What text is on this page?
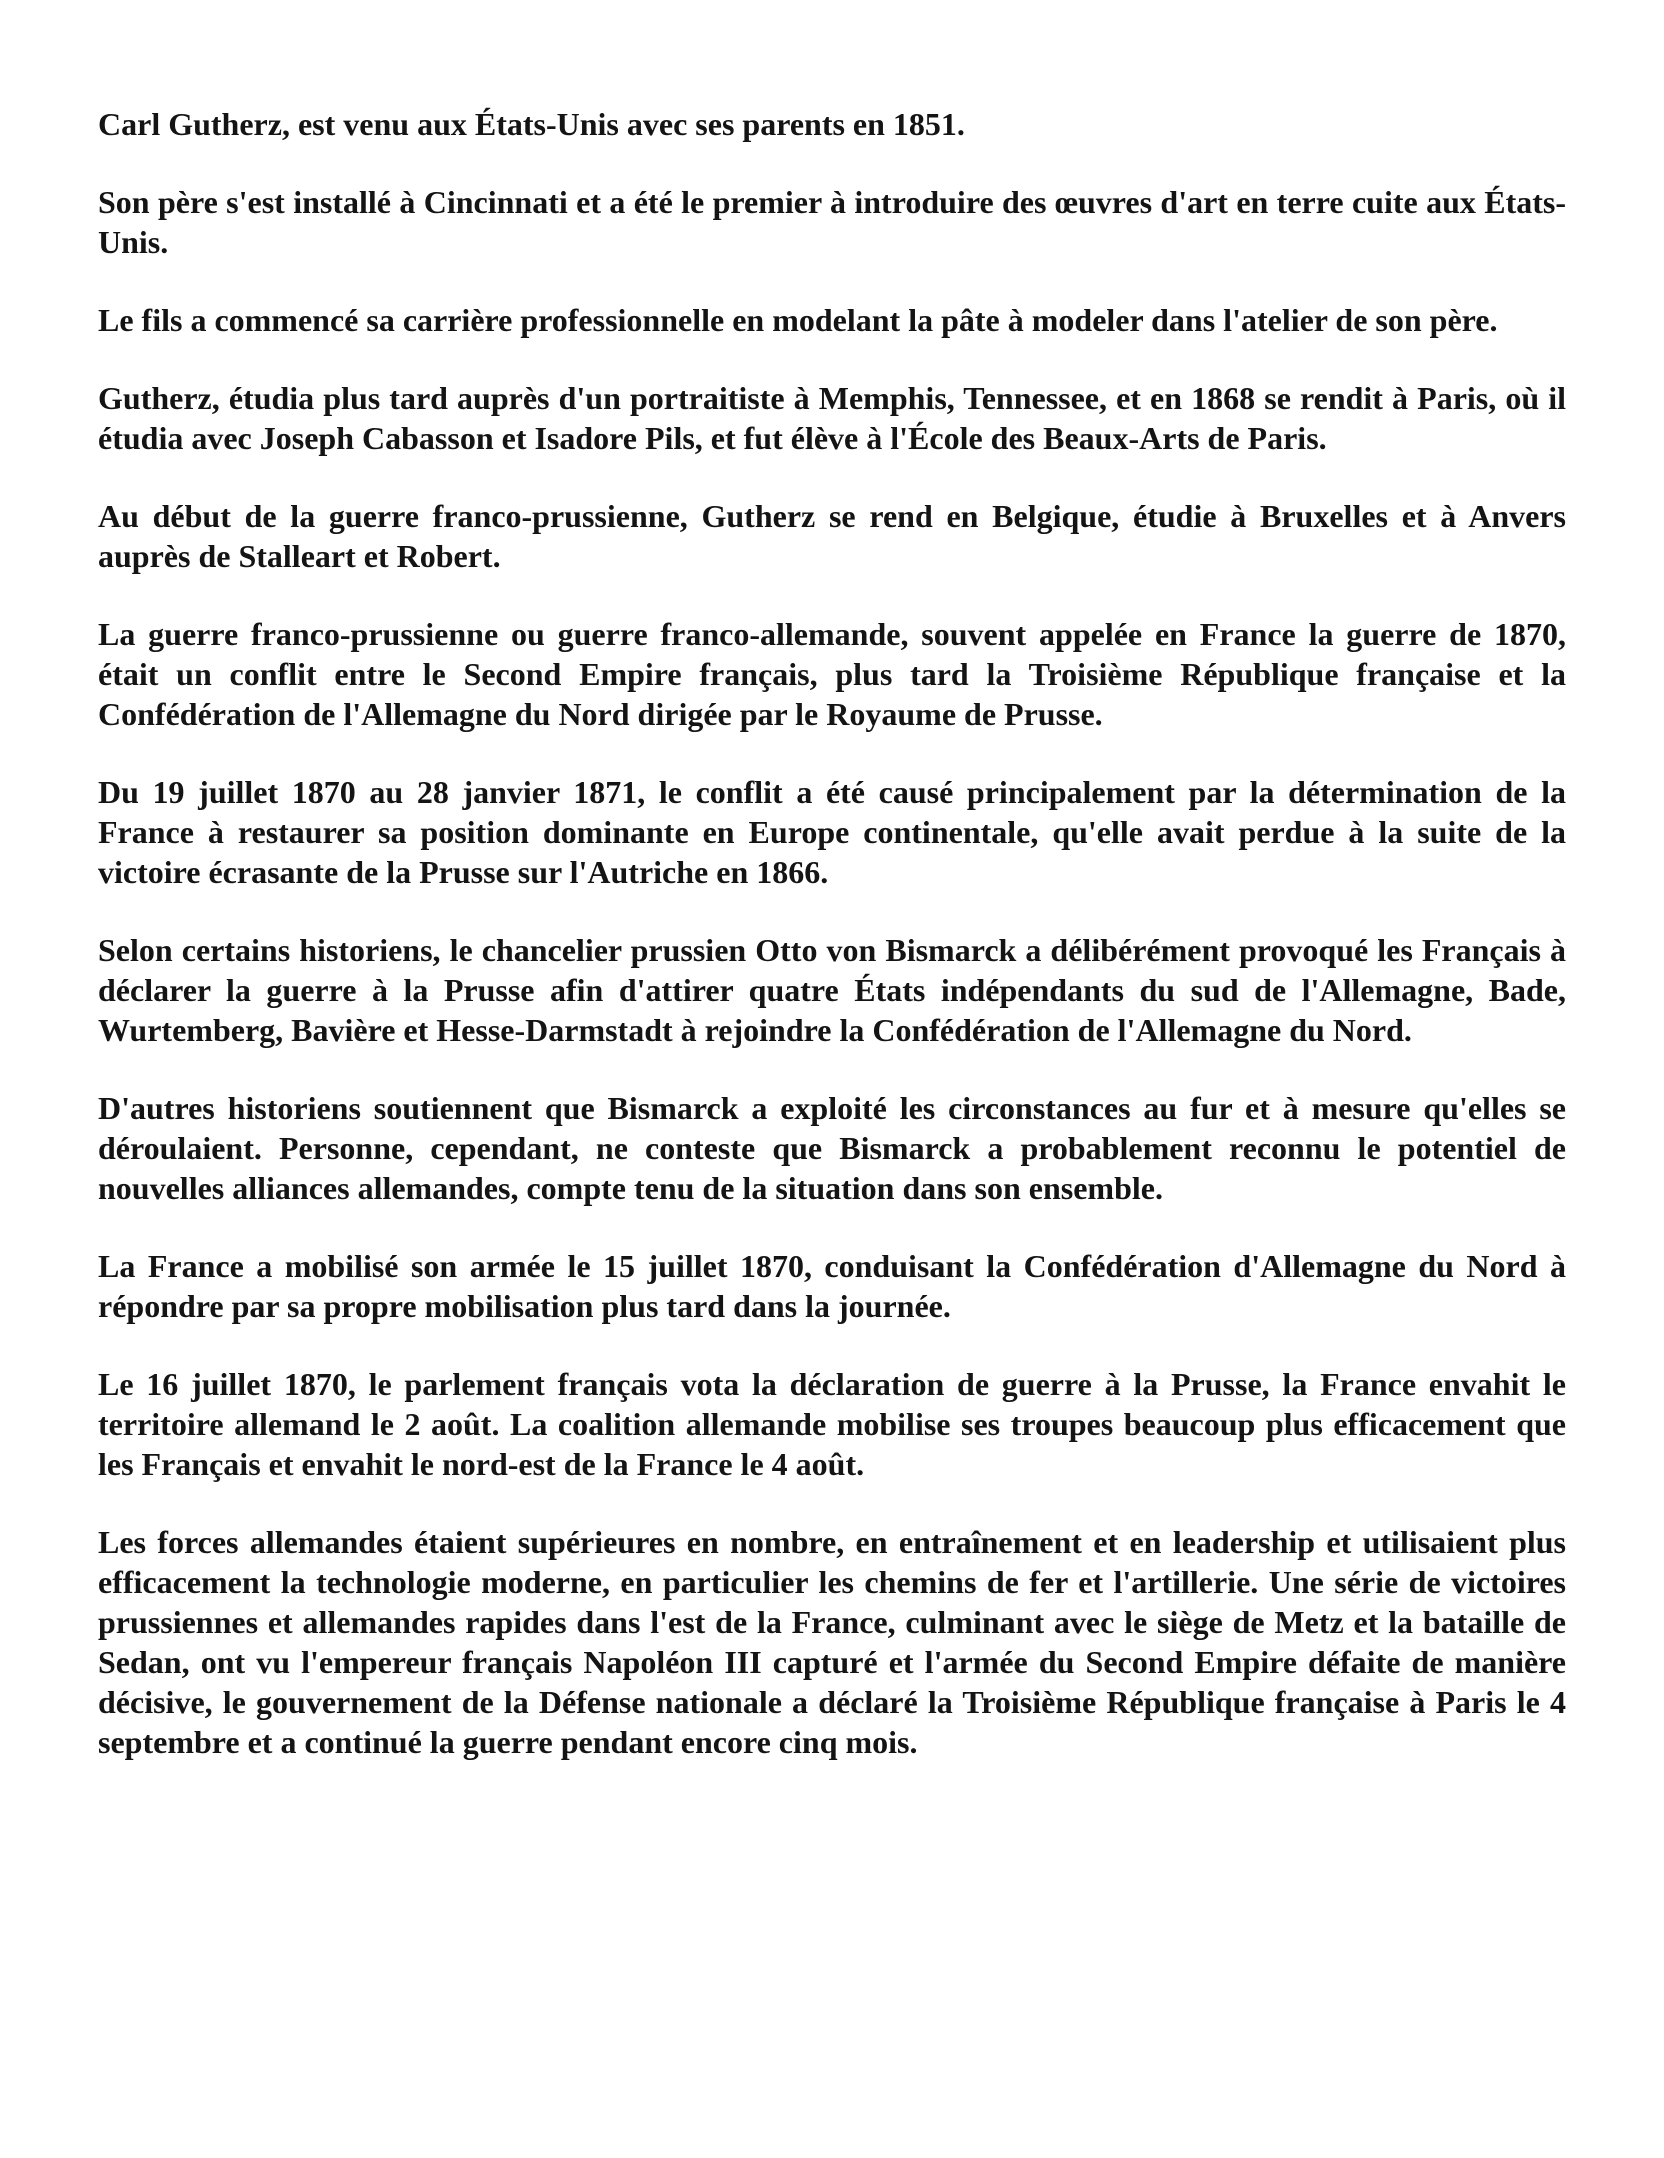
Carl Gutherz, est venu aux États-Unis avec ses parents en 1851.

Son père s'est installé à Cincinnati et a été le premier à introduire des œuvres d'art en terre cuite aux États-Unis.

Le fils a commencé sa carrière professionnelle en modelant la pâte à modeler dans l'atelier de son père.

Gutherz, étudia plus tard auprès d'un portraitiste à Memphis, Tennessee, et en 1868 se rendit à Paris, où il étudia avec Joseph Cabasson et Isadore Pils, et fut élève à l'École des Beaux-Arts de Paris.

Au début de la guerre franco-prussienne, Gutherz se rend en Belgique, étudie à Bruxelles et à Anvers auprès de Stalleart et Robert.

La guerre franco-prussienne ou guerre franco-allemande, souvent appelée en France la guerre de 1870, était un conflit entre le Second Empire français, plus tard la Troisième République française et la Confédération de l'Allemagne du Nord dirigée par le Royaume de Prusse.

Du 19 juillet 1870 au 28 janvier 1871, le conflit a été causé principalement par la détermination de la France à restaurer sa position dominante en Europe continentale, qu'elle avait perdue à la suite de la victoire écrasante de la Prusse sur l'Autriche en 1866.

Selon certains historiens, le chancelier prussien Otto von Bismarck a délibérément provoqué les Français à déclarer la guerre à la Prusse afin d'attirer quatre États indépendants du sud de l'Allemagne, Bade, Wurtemberg, Bavière et Hesse-Darmstadt à rejoindre la Confédération de l'Allemagne du Nord.

D'autres historiens soutiennent que Bismarck a exploité les circonstances au fur et à mesure qu'elles se déroulaient. Personne, cependant, ne conteste que Bismarck a probablement reconnu le potentiel de nouvelles alliances allemandes, compte tenu de la situation dans son ensemble.

La France a mobilisé son armée le 15 juillet 1870, conduisant la Confédération d'Allemagne du Nord à répondre par sa propre mobilisation plus tard dans la journée.

Le 16 juillet 1870, le parlement français vota la déclaration de guerre à la Prusse, la France envahit le territoire allemand le 2 août. La coalition allemande mobilise ses troupes beaucoup plus efficacement que les Français et envahit le nord-est de la France le 4 août.

Les forces allemandes étaient supérieures en nombre, en entraînement et en leadership et utilisaient plus efficacement la technologie moderne, en particulier les chemins de fer et l'artillerie. Une série de victoires prussiennes et allemandes rapides dans l'est de la France, culminant avec le siège de Metz et la bataille de Sedan, ont vu l'empereur français Napoléon III capturé et l'armée du Second Empire défaite de manière décisive, le gouvernement de la Défense nationale a déclaré la Troisième République française à Paris le 4 septembre et a continué la guerre pendant encore cinq mois.
